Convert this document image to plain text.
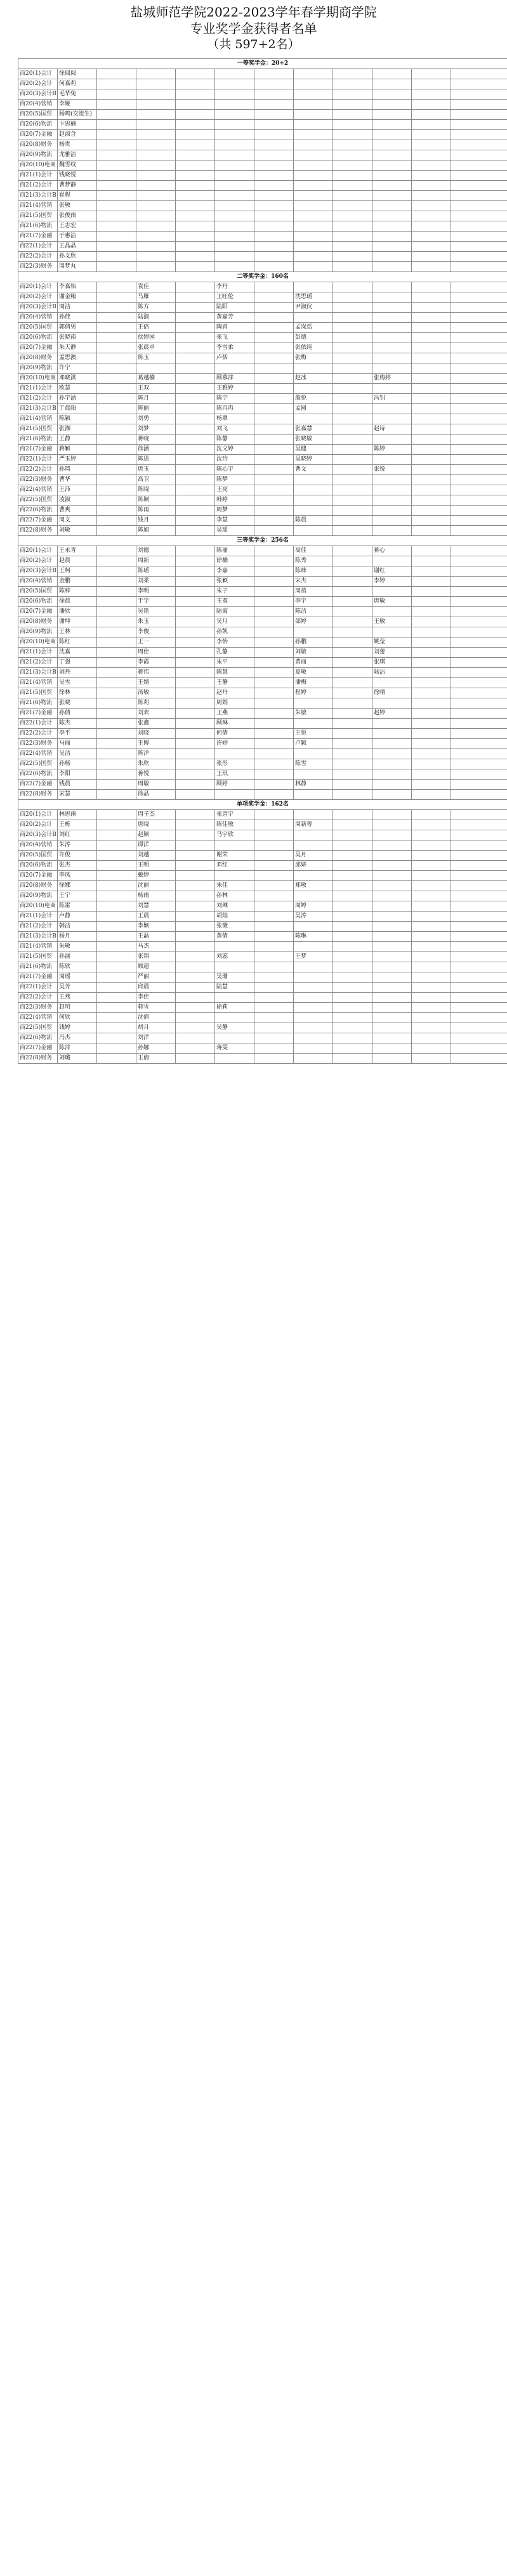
盐城师范学院2022-2023学年春学期商学院
专业奖学金获得者名单
（共 597+2名）
一等奖学金：20+2											
商20(1)会计	徐阅阅										
商20(2)会计	何嘉莉										
商20(3)会计B	毛华兔										
商20(4)营销	李娅										
商20(5)国贸	杨鸣(交流生)										
商20(6)物流	卞思楠										
商20(7)金融	赵淑含										
商20(8)财务	杨贵										
商20(9)物流	尤雅洁										
商20(10)电商	魏雪纹										
商21(1)会计	钱晓悦										
商21(2)会计	曹梦静										
商21(3)会计B	崔程										
商21(4)营销	张敏										
商21(5)国贸	张俊雨										
商21(6)物流	王志宏										
商21(7)金融	于惠洁										
商22(1)会计	王晶晶										
商22(2)会计	孙文欣										
商22(3)财务	周梦丸										
二等奖学金：160名											
商20(1)会计	李嘉怡		袁佳		李丹						
商20(2)会计	谢金粮		马雁		王旺伦		沈思瑶				
商20(3)会计B	周洁		陈方		陆阳		尹淑仪				
商20(4)营销	孙佳		陆淑		黄嘉芳						
商20(5)国贸	郭倩男		王倍		陶青		孟岚恬				
商20(6)物流	张晓南		侯婷园		张飞		彭德				
商20(7)金融	朱天静		张晨卓		李雪柔		张依纯				
商20(8)财务	孟思澳		陈玉		卢恬		张梅				
商20(9)物流	许宁										
商20(10)电商	邓晓淇		葛越楠		顾慕萍		赵冰		张梅婷		
商21(1)会计	欧慧		王双		王雅婷						
商21(2)会计	孙宇涵		陈月		陈宇		殷悦		冯钊		
商21(3)会计B	于晨阳		陈丽		陈冉冉		孟圆				
商21(4)营销	陈颖		刘勇		杨翠						
商21(5)国贸	张湘		刘梦		刘飞		张嘉慧		赵诗		
商21(6)物流	王静		蒋晓		陈静		张晓敏				
商21(7)金融	蒋颖		徐涵		沈文婷		吴健		陈婷		
商22(1)会计	严玉婷		陈思		沈玲		吴晓婷				
商22(2)会计	孙琦		唐玉		陈心宇		曹文		张悦		
商22(3)财务	曹华		高卫		陈梦						
商22(4)营销	王沛		陈晓		王亮						
商22(5)国贸	凌淑		陈颖		韩婷						
商22(6)物流	曹爽		陈雨		周梦						
商22(7)金融	周文		钱月		李慧		陈晨				
商22(8)财务	刘敏		陈旭		吴瑶						
三等奖学金：256名											
商20(1)会计	王永青		刘德		陈丽		高佳		蒋心		
商20(2)会计	赵晨		周新		徐楠		陈秀				
商20(3)会计B	王柯		陈瑶		李嘉		陈峰		谢红		
商20(4)营销	金鹏		刘柔		张颖		宋杰		李婷		
商20(5)国贸	陈梓		李明		朱子		周蓓				
商20(6)物流	徐晨		于宇		王双		李宇		唐敏		
商20(7)金融	潘欣		吴艳		陆霞		陈洁				
商20(8)财务	谢坤		朱玉		吴月		邵婷		王敏		
商20(9)物流	王林		李俊		孙凯						
商20(10)电商	陈红		王一		李怡		孙鹏		姚莹		
商21(1)会计	沈嘉		周佳		孔静		刘敏		刘蕾		
商21(2)会计	丁强		李霞		朱平		黄丽		张琪		
商21(3)会计B	刘丹		蒋伟		陈慧		夏敏		陆洁		
商21(4)营销	吴雪		王婧		王静		潘梅				
商21(5)国贸	徐林		汤敏		赵丹		程婷		徐晴		
商21(6)物流	张晓		陈莉		周娟						
商21(7)金融	孙倩		刘欢		王燕		朱敏		赵婷		
商22(1)会计	陈杰		张鑫		顾琳						
商22(2)会计	李平		刘晓		何倩		王悦				
商22(3)财务	马丽		王博		许婷		卢颖				
商22(4)营销	吴洁		陈洋								
商22(5)国贸	孙杨		朱欣		张彤		陈雪				
商22(6)物流	李阳		蒋悦		王琪						
商22(7)金融	钱晨		周敏		顾婷		林静				
商22(8)财务	宋慧		徐晶								
单项奖学金：162名											
商20(1)会计	林思雨		周子杰		张唐宇						
商20(2)会计	王栋		唐晓		陈佳敏		周新蓉				
商20(3)会计B	刘红		赵颖		马宇欣						
商20(4)营销	朱涛		谭洋								
商20(5)国贸	许俊		刘越		谢荣		吴月				
商20(6)物流	张杰		王明		邓红		邱妍				
商20(7)金融	李凤		戴婷								
商20(8)财务	徐娜		沈丽		朱佳		郑敏				
商20(9)物流	王宁		杨雨		孙林						
商20(10)电商	陈雷		刘慧		刘琳		周婷				
商21(1)会计	卢静		王晨		胡灿		吴涛				
商21(2)会计	韩洁		李颖		张薇						
商21(3)会计B	杨月		王磊		黄倩		陈琳				
商21(4)营销	朱敏		马杰								
商21(5)国贸	孙涵		张翔		刘蕊		王梦				
商21(6)物流	陈欣		顾超								
商21(7)金融	周瑶		严丽		吴珊						
商22(1)会计	吴芳		邱晨		陆慧						
商22(2)会计	王燕		李佳								
商22(3)财务	赵明		韩雪		徐莉						
商22(4)营销	何欣		沈倩								
商22(5)国贸	钱婷		胡月		吴静						
商22(6)物流	冯杰		刘洋								
商22(7)金融	陈萍		孙娜		蒋雯						
商22(8)财务	刘璐		王倩								
